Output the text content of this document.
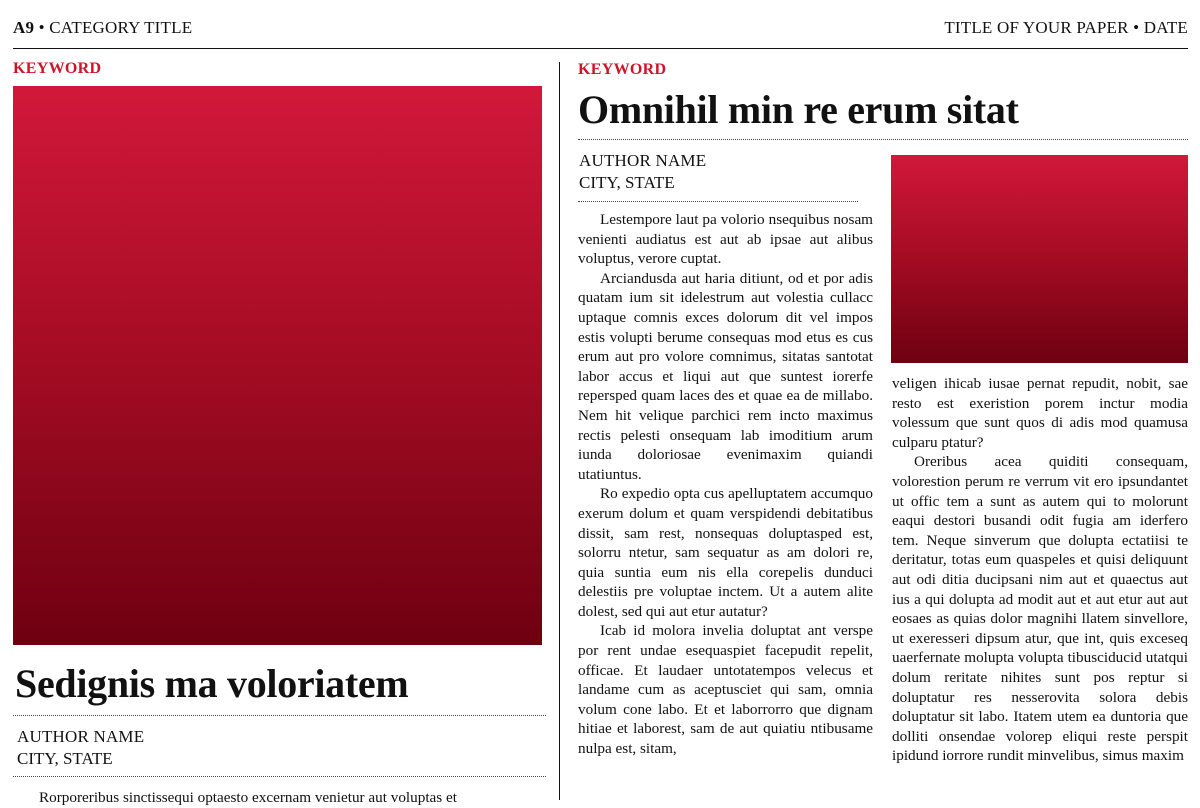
A9 • CATEGORY TITLE	TITLE OF YOUR PAPER • DATE
KEYWORD
Sedignis ma voloriatem
AUTHOR NAME
CITY, STATE

Rorporeribus sinctissequi optaesto excernam venietur aut voluptas et

KEYWORD
Omnihil min re erum sitat
AUTHOR NAME
CITY, STATE

Lestempore laut pa volorio nsequibus nosam venienti audiatus est aut ab ipsae aut alibus voluptus, verore cuptat.

Arciandusda aut haria ditiunt, od et por adis quatam ium sit idelestrum aut volestia cullacc uptaque comnis exces dolorum dit vel impos estis volupti berume consequas mod etus es cus erum aut pro volore comnimus, sitatas santotat labor accus et liqui aut que suntest iorerfe repersped quam laces des et quae ea de millabo. Nem hit velique parchici rem incto maximus rectis pelesti onsequam lab imoditium arum iunda doloriosae evenimaxim quiandi utatiuntus.

Ro expedio opta cus apelluptatem accumquo exerum dolum et quam verspidendi debitatibus dissit, sam rest, nonsequas doluptasped est, solorru ntetur, sam sequatur as am dolori re, quia suntia eum nis ella corepelis dunduci delestiis pre voluptae inctem. Ut a autem alite dolest, sed qui aut etur autatur?

Icab id molora invelia doluptat ant verspe por rent undae esequaspiet facepudit repelit, officae. Et laudaer untotatempos velecus et landame cum as aceptusciet qui sam, omnia volum cone labo. Et et laborrorro que dignam hitiae et laborest, sam de aut quiatiu ntibusame nulpa est, sitam,

veligen ihicab iusae pernat repudit, nobit, sae resto est exeristion porem inctur modia volessum que sunt quos di adis mod quamusa culparu ptatur?

Oreribus acea quiditi consequam, volorestion perum re verrum vit ero ipsundantet ut offic tem a sunt as autem qui to molorunt eaqui destori busandi odit fugia am iderfero tem. Neque sinverum que dolupta ectatiisi te deritatur, totas eum quaspeles et quisi deliquunt aut odi ditia ducipsani nim aut et quaectus aut ius a qui dolupta ad modit aut et aut etur aut aut eosaes as quias dolor magnihi llatem sinvellore, ut exeresseri dipsum atur, que int, quis exceseq uaerfernate molupta volupta tibusciducid utatqui dolum reritate nihites sunt pos reptur si doluptatur res nesserovita solora debis doluptatur sit labo. Itatem utem ea duntoria que dolliti onsendae volorep eliqui reste perspit ipidund iorrore rundit minvelibus, simus maxim
